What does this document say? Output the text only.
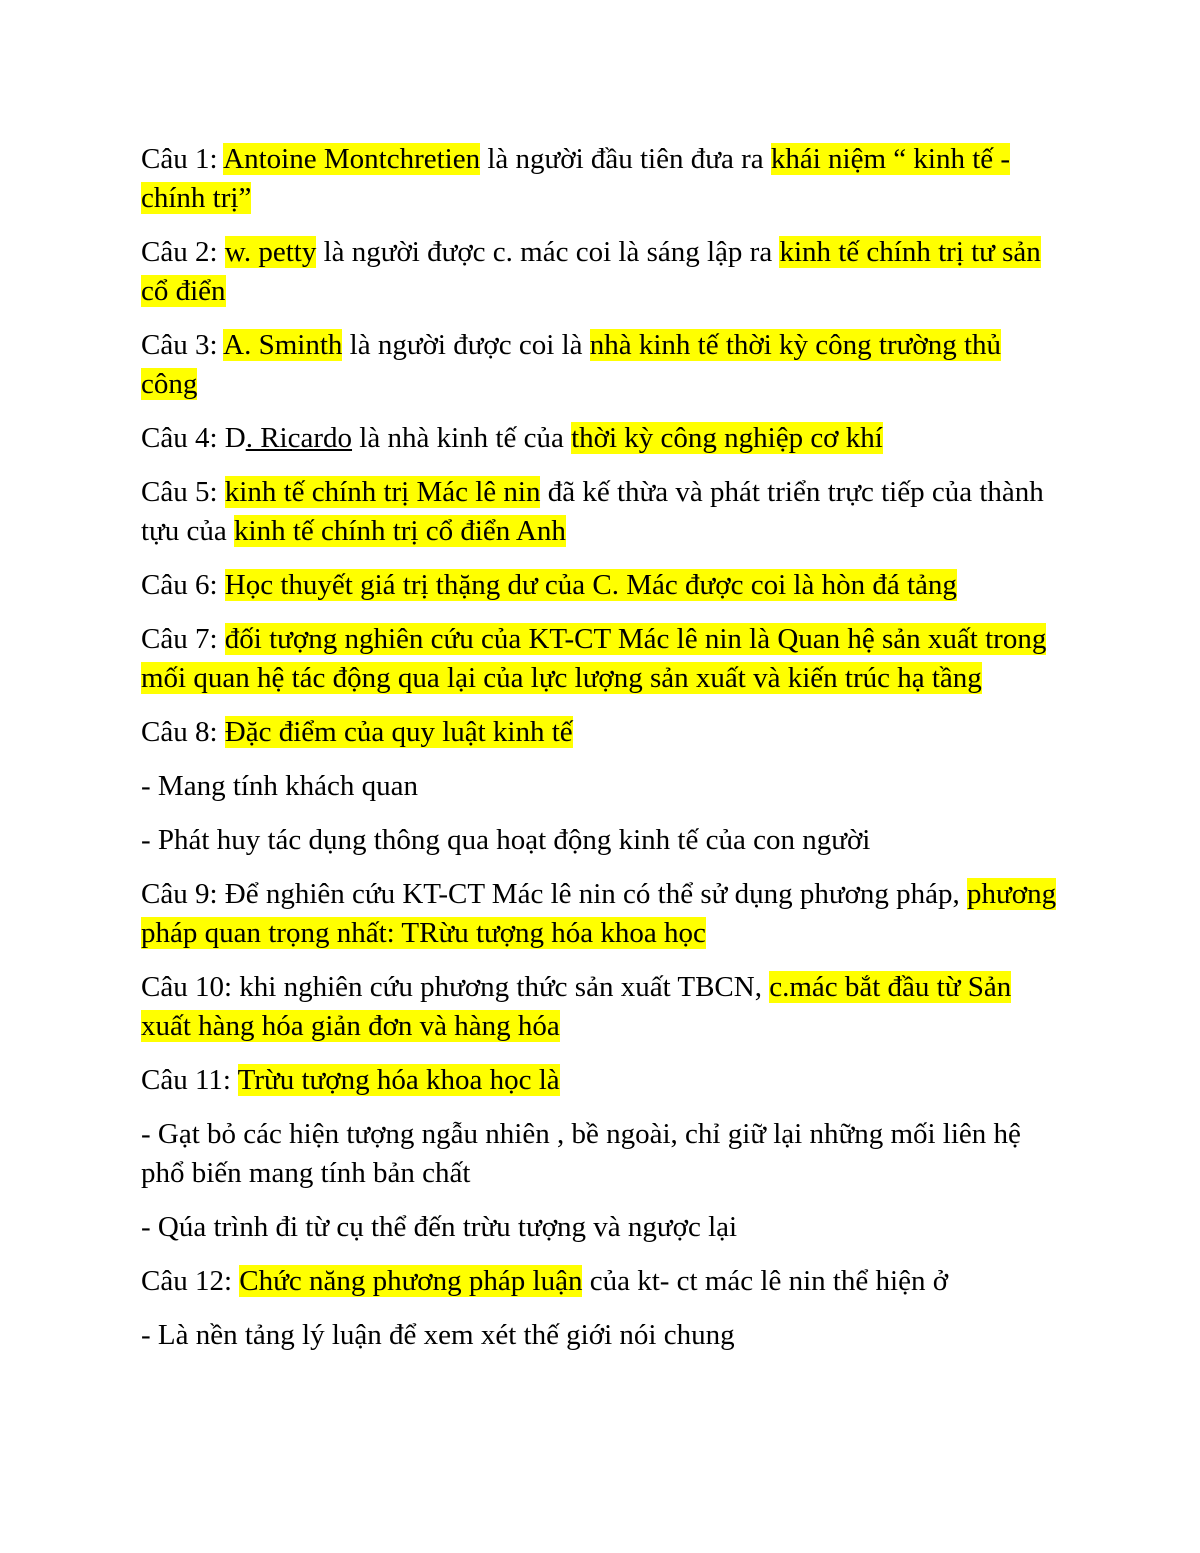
Câu 1: Antoine Montchretien là người đầu tiên đưa ra khái niệm “ kinh tế - chính trị”

Câu 2: w. petty là người được c. mác coi là sáng lập ra kinh tế chính trị tư sản cổ điển

Câu 3: A. Sminth là người được coi là nhà kinh tế thời kỳ công trường thủ công

Câu 4: D. Ricardo là nhà kinh tế của thời kỳ công nghiệp cơ khí

Câu 5: kinh tế chính trị Mác lê nin đã kế thừa và phát triển trực tiếp của thành tựu của kinh tế chính trị cổ điển Anh

Câu 6: Học thuyết giá trị thặng dư của C. Mác được coi là hòn đá tảng

Câu 7: đối tượng nghiên cứu của KT-CT Mác lê nin là Quan hệ sản xuất trong mối quan hệ tác động qua lại của lực lượng sản xuất và kiến trúc hạ tầng

Câu 8: Đặc điểm của quy luật kinh tế

- Mang tính khách quan

- Phát huy tác dụng thông qua hoạt động kinh tế của con người

Câu 9: Để nghiên cứu KT-CT Mác lê nin có thể sử dụng phương pháp, phương pháp quan trọng nhất: TRừu tượng hóa khoa học

Câu 10: khi nghiên cứu phương thức sản xuất TBCN, c.mác bắt đầu từ Sản xuất hàng hóa giản đơn và hàng hóa

Câu 11: Trừu tượng hóa khoa học là

- Gạt bỏ các hiện tượng ngẫu nhiên , bề ngoài, chỉ giữ lại những mối liên hệ phổ biến mang tính bản chất

- Qúa trình đi từ cụ thể đến trừu tượng và ngược lại

Câu 12: Chức năng phương pháp luận của kt- ct mác lê nin thể hiện ở

- Là nền tảng lý luận để xem xét thế giới nói chung
